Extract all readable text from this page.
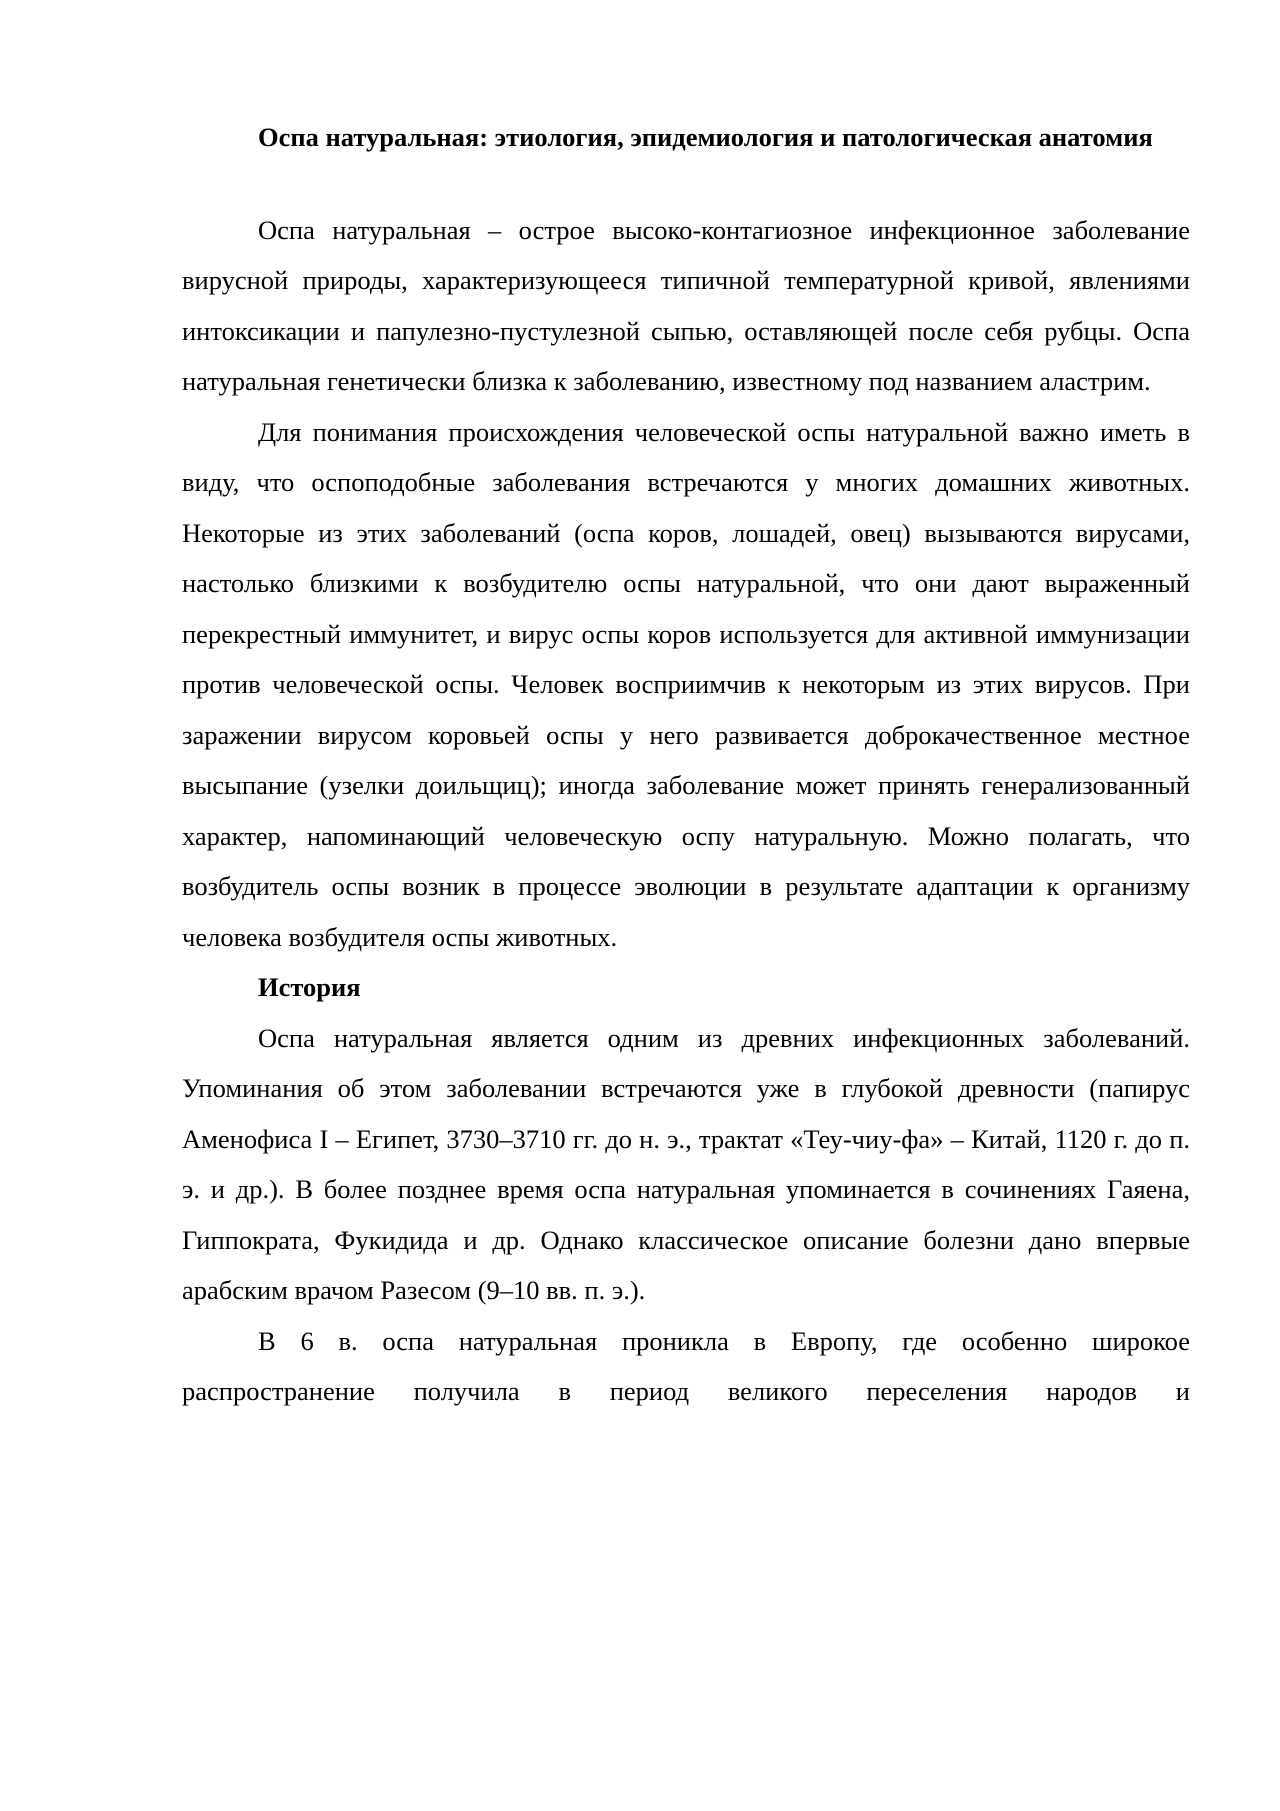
Оспа натуральная: этиология, эпидемиология и патологическая анатомия

Оспа натуральная – острое высоко-контагиозное инфекционное заболевание вирусной природы, характеризующееся типичной температурной кривой, явлениями интоксикации и папулезно-пустулезной сыпью, оставляющей после себя рубцы. Оспа натуральная генетически близка к заболеванию, известному под названием аластрим.

Для понимания происхождения человеческой оспы натуральной важно иметь в виду, что оспоподобные заболевания встречаются у многих домашних животных. Некоторые из этих заболеваний (оспа коров, лошадей, овец) вызываются вирусами, настолько близкими к возбудителю оспы натуральной, что они дают выраженный перекрестный иммунитет, и вирус оспы коров используется для активной иммунизации против человеческой оспы. Человек восприимчив к некоторым из этих вирусов. При заражении вирусом коровьей оспы у него развивается доброкачественное местное высыпание (узелки доильщиц); иногда заболевание может принять генерализованный характер, напоминающий человеческую оспу натуральную. Можно полагать, что возбудитель оспы возник в процессе эволюции в результате адаптации к организму человека возбудителя оспы животных.

История

Оспа натуральная является одним из древних инфекционных заболеваний. Упоминания об этом заболевании встречаются уже в глубокой древности (папирус Аменофиса I – Египет, 3730–3710 гг. до н. э., трактат «Теу-чиу-фа» – Китай, 1120 г. до п. э. и др.). В более позднее время оспа натуральная упоминается в сочинениях Гаяена, Гиппократа, Фукидида и др. Однако классическое описание болезни дано впервые арабским врачом Разесом (9–10 вв. п. э.).

В 6 в. оспа натуральная проникла в Европу, где особенно широкое распространение получила в период великого переселения народов и
